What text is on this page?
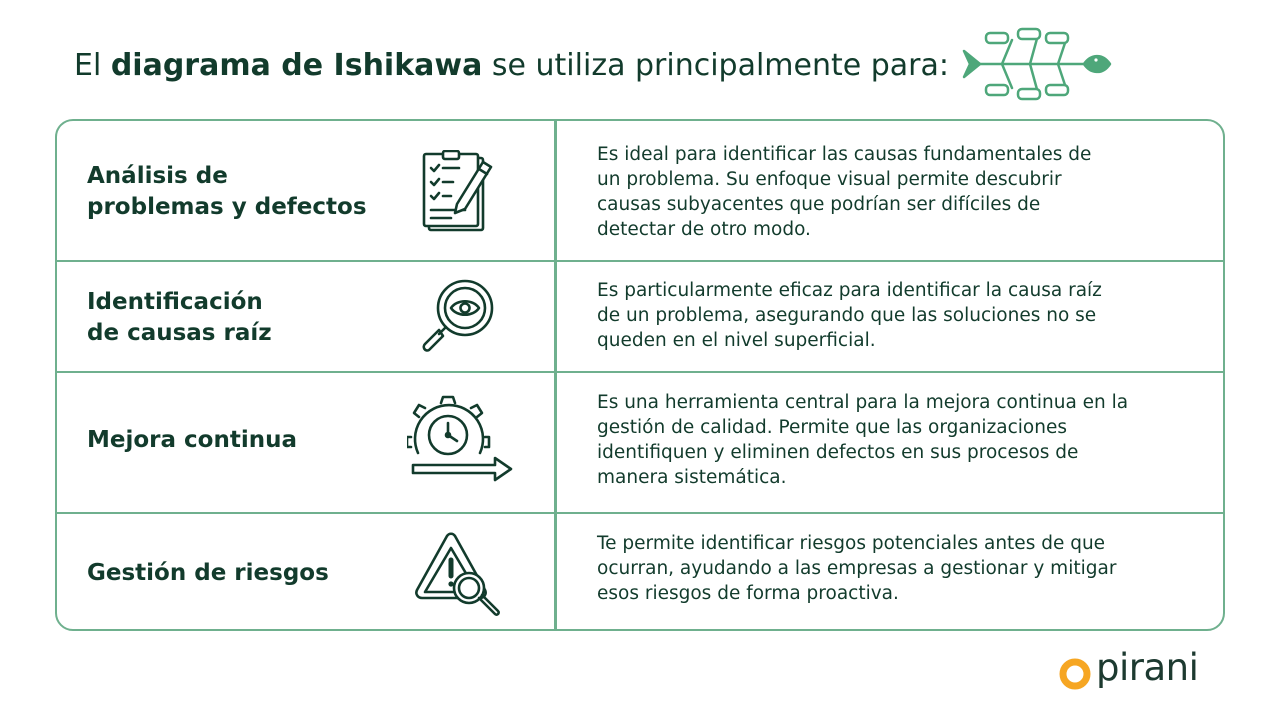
El diagrama de Ishikawa se utiliza principalmente para:
Análisis de
problemas y defectos
Es ideal para identificar las causas fundamentales de
un problema. Su enfoque visual permite descubrir
causas subyacentes que podrían ser difíciles de
detectar de otro modo.
Identificación
de causas raíz
Es particularmente eficaz para identificar la causa raíz
de un problema, asegurando que las soluciones no se
queden en el nivel superficial.
Mejora continua
Es una herramienta central para la mejora continua en la
gestión de calidad. Permite que las organizaciones
identifiquen y eliminen defectos en sus procesos de
manera sistemática.
Gestión de riesgos
Te permite identificar riesgos potenciales antes de que
ocurran, ayudando a las empresas a gestionar y mitigar
esos riesgos de forma proactiva.
pirani
